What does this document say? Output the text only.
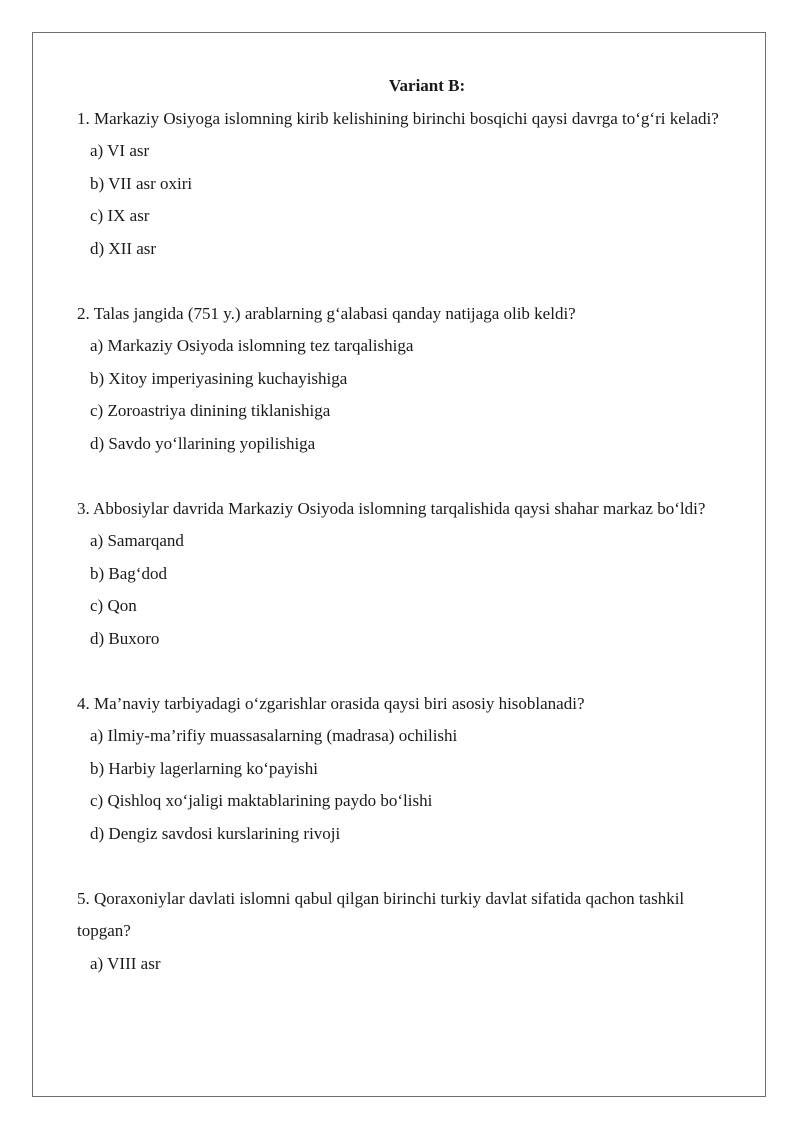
Variant B:

1. Markaziy Osiyoga islomning kirib kelishining birinchi bosqichi qaysi davrga to‘g‘ri keladi?

a) VI asr
b) VII asr oxiri
c) IX asr
d) XII asr

2. Talas jangida (751 y.) arablarning g‘alabasi qanday natijaga olib keldi?

a) Markaziy Osiyoda islomning tez tarqalishiga
b) Xitoy imperiyasining kuchayishiga
c) Zoroastriya dinining tiklanishiga
d) Savdo yo‘llarining yopilishiga

3. Abbosiylar davrida Markaziy Osiyoda islomning tarqalishida qaysi shahar markaz bo‘ldi?

a) Samarqand
b) Bag‘dod
c) Qon
d) Buxoro

4. Ma’naviy tarbiyadagi o‘zgarishlar orasida qaysi biri asosiy hisoblanadi?

a) Ilmiy-ma’rifiy muassasalarning (madrasa) ochilishi
b) Harbiy lagerlarning ko‘payishi
c) Qishloq xo‘jaligi maktablarining paydo bo‘lishi
d) Dengiz savdosi kurslarining rivoji

5. Qoraxoniylar davlati islomni qabul qilgan birinchi turkiy davlat sifatida qachon tashkil topgan?

a) VIII asr
